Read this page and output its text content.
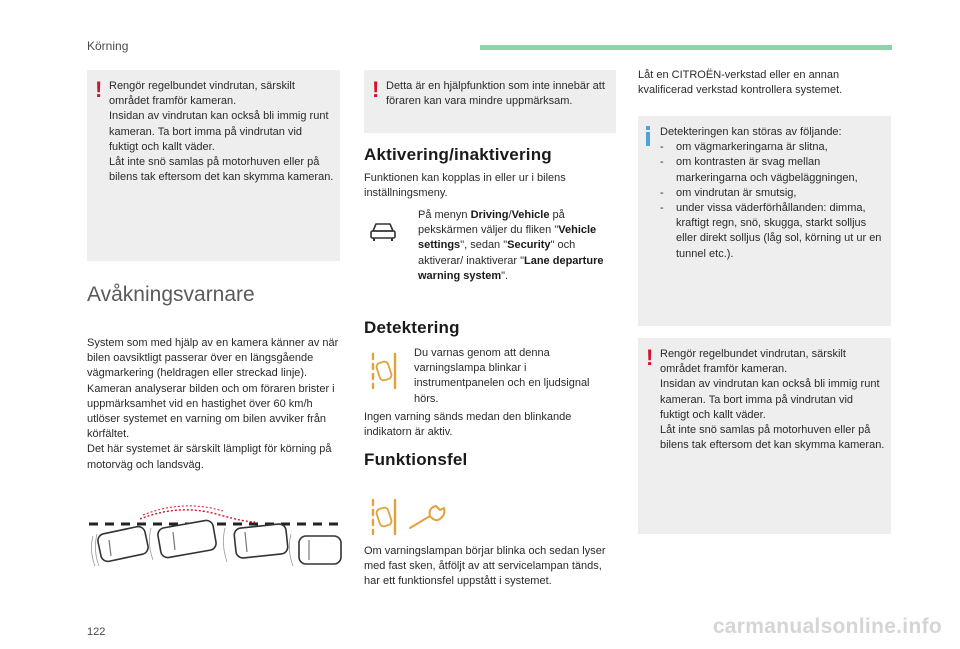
Körning
! Rengör regelbundet vindrutan, särskilt området framför kameran.
Insidan av vindrutan kan också bli immig runt kameran. Ta bort imma på vindrutan vid fuktigt och kallt väder.
Låt inte snö samlas på motorhuven eller på bilens tak eftersom det kan skymma kameran.
Avåkningsvarnare
System som med hjälp av en kamera känner av när bilen oavsiktligt passerar över en längsgående vägmarkering (heldragen eller streckad linje).
Kameran analyserar bilden och om föraren brister i uppmärksamhet vid en hastighet över 60 km/h utlöser systemet en varning om bilen avviker från körfältet.
Det här systemet är särskilt lämpligt för körning på motorväg och landsväg.
! Detta är en hjälpfunktion som inte innebär att föraren kan vara mindre uppmärksam.
Aktivering/inaktivering
Funktionen kan kopplas in eller ur i bilens inställningsmeny.
På menyn Driving/Vehicle på pekskärmen väljer du fliken "Vehicle settings", sedan "Security" och aktiverar/ inaktiverar "Lane departure warning system".
Detektering
Du varnas genom att denna varningslampa blinkar i instrumentpanelen och en ljudsignal hörs.
Ingen varning sänds medan den blinkande indikatorn är aktiv.
Funktionsfel
Om varningslampan börjar blinka och sedan lyser med fast sken, åtföljt av att servicelampan tänds, har ett funktionsfel uppstått i systemet.
Låt en CITROËN-verkstad eller en annan kvalificerad verkstad kontrollera systemet.
Detekteringen kan störas av följande:
- om vägmarkeringarna är slitna,
- om kontrasten är svag mellan markeringarna och vägbeläggningen,
- om vindrutan är smutsig,
- under vissa väderförhållanden: dimma, kraftigt regn, snö, skugga, starkt solljus eller direkt solljus (låg sol, körning ut ur en tunnel etc.).
! Rengör regelbundet vindrutan, särskilt området framför kameran.
Insidan av vindrutan kan också bli immig runt kameran. Ta bort imma på vindrutan vid fuktigt och kallt väder.
Låt inte snö samlas på motorhuven eller på bilens tak eftersom det kan skymma kameran.
122	carmanualsonline.info
